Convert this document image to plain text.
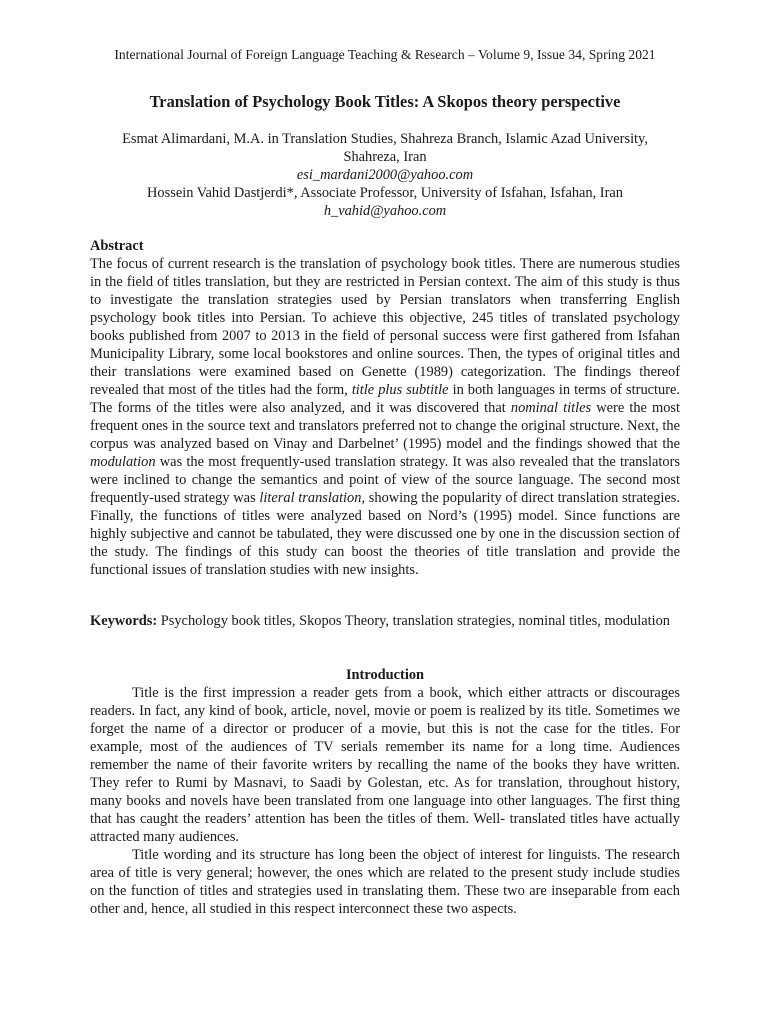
International Journal of Foreign Language Teaching & Research – Volume 9, Issue 34, Spring 2021
Translation of Psychology Book Titles: A Skopos theory perspective
Esmat Alimardani, M.A. in Translation Studies, Shahreza Branch, Islamic Azad University,
Shahreza, Iran
esi_mardani2000@yahoo.com
Hossein Vahid Dastjerdi*, Associate Professor, University of Isfahan, Isfahan, Iran
h_vahid@yahoo.com
Abstract

The focus of current research is the translation of psychology book titles. There are numerous studies in the field of titles translation, but they are restricted in Persian context. The aim of this study is thus to investigate the translation strategies used by Persian translators when transferring English psychology book titles into Persian. To achieve this objective, 245 titles of translated psychology books published from 2007 to 2013 in the field of personal success were first gathered from Isfahan Municipality Library, some local bookstores and online sources. Then, the types of original titles and their translations were examined based on Genette (1989) categorization. The findings thereof revealed that most of the titles had the form, title plus subtitle in both languages in terms of structure. The forms of the titles were also analyzed, and it was discovered that nominal titles were the most frequent ones in the source text and translators preferred not to change the original structure. Next, the corpus was analyzed based on Vinay and Darbelnet’ (1995) model and the findings showed that the modulation was the most frequently-used translation strategy. It was also revealed that the translators were inclined to change the semantics and point of view of the source language. The second most frequently-used strategy was literal translation, showing the popularity of direct translation strategies. Finally, the functions of titles were analyzed based on Nord’s (1995) model. Since functions are highly subjective and cannot be tabulated, they were discussed one by one in the discussion section of the study. The findings of this study can boost the theories of title translation and provide the functional issues of translation studies with new insights.

Keywords: Psychology book titles, Skopos Theory, translation strategies, nominal titles, modulation

Introduction

Title is the first impression a reader gets from a book, which either attracts or discourages readers. In fact, any kind of book, article, novel, movie or poem is realized by its title. Sometimes we forget the name of a director or producer of a movie, but this is not the case for the titles. For example, most of the audiences of TV serials remember its name for a long time. Audiences remember the name of their favorite writers by recalling the name of the books they have written. They refer to Rumi by Masnavi, to Saadi by Golestan, etc. As for translation, throughout history, many books and novels have been translated from one language into other languages. The first thing that has caught the readers’ attention has been the titles of them. Well- translated titles have actually attracted many audiences.

Title wording and its structure has long been the object of interest for linguists. The research area of title is very general; however, the ones which are related to the present study include studies on the function of titles and strategies used in translating them. These two are inseparable from each other and, hence, all studied in this respect interconnect these two aspects.
